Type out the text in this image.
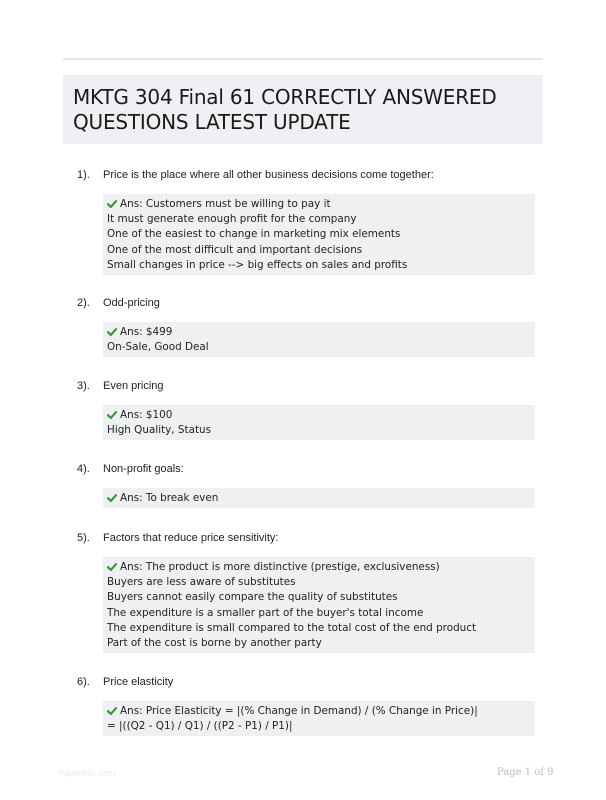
MKTG 304 Final 61 CORRECTLY ANSWERED
QUESTIONS LATEST UPDATE
1). Price is the place where all other business decisions come together:
Ans: Customers must be willing to pay it
It must generate enough profit for the company
One of the easiest to change in marketing mix elements
One of the most difficult and important decisions
Small changes in price --> big effects on sales and profits
2). Odd-pricing
Ans: $499
On-Sale, Good Deal
3). Even pricing
Ans: $100
High Quality, Status
4). Non-profit goals:
Ans: To break even
5). Factors that reduce price sensitivity:
Ans: The product is more distinctive (prestige, exclusiveness)
Buyers are less aware of substitutes
Buyers cannot easily compare the quality of substitutes
The expenditure is a smaller part of the buyer's total income
The expenditure is small compared to the total cost of the end product
Part of the cost is borne by another party
6). Price elasticity
Ans: Price Elasticity = |(% Change in Demand) / (% Change in Price)|
= |((Q2 - Q1) / Q1) / ((P2 - P1) / P1)|
Papertttic.com	Page 1 of 9
